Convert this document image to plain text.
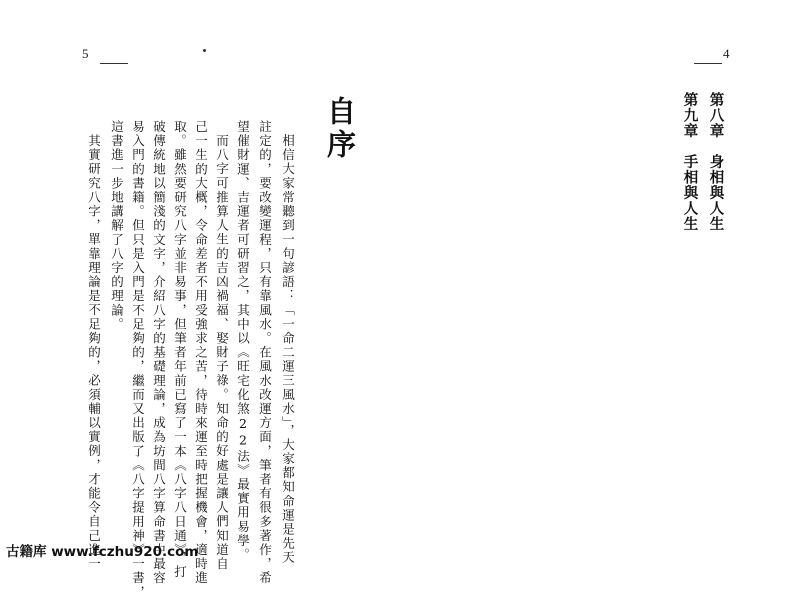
5	4
自序
相信大家常聽到一句諺語：「一命二運三風水」，大家都知命運是先天
註定的，要改變運程，只有靠風水。在風水改運方面，筆者有很多著作，希
望催財運、吉運者可研習之，其中以《旺宅化煞22法》最實用易學。
而八字可推算人生的吉凶禍福、娶財子祿。知命的好處是讓人們知道自
己一生的大概，令命差者不用受強求之苦，待時來運至時把握機會，適時進
取。雖然要研究八字並非易事，但筆者年前已寫了一本《八字八日通》，打
破傳統地以簡淺的文字，介紹八字的基礎理論，成為坊間八字算命書中最容
易入門的書籍。但只是入門是不足夠的，繼而又出版了《八字提用神》一書，
這書進一步地講解了八字的理論。
其實研究八字，單靠理論是不足夠的，必須輔以實例，才能令自己進一	第八章　身相與人生
第九章　手相與人生
古籍库 www.fczhu920.com
